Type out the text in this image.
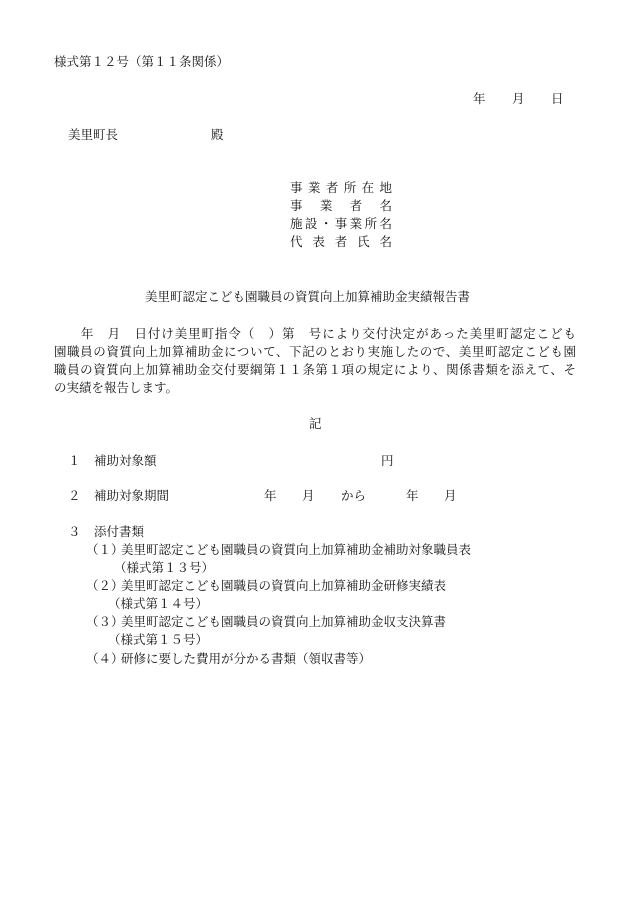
様式第１２号（第１１条関係）
年 月 日
美里町長	殿
事業者所在地
事　業　者　名
施設・事業所名
代表者氏名
美里町認定こども園職員の資質向上加算補助金実績報告書
　　年　月　日付け美里町指令（　）第　号により交付決定があった美里町認定こども
園職員の資質向上加算補助金について、下記のとおり実施したので、美里町認定こども園
職員の資質向上加算補助金交付要綱第１１条第１項の規定により、関係書類を添えて、そ
の実績を報告します。
記
１ 補助対象額	円
２ 補助対象期間	年 月 から	年 月
３ 添付書類
（１）
美里町認定こども園職員の資質向上加算補助金補助対象職員表
（様式第１３号）
（２）
美里町認定こども園職員の資質向上加算補助金研修実績表
（様式第１４号）
（３）
美里町認定こども園職員の資質向上加算補助金収支決算書
（様式第１５号）
（４）
研修に要した費用が分かる書類（領収書等）
